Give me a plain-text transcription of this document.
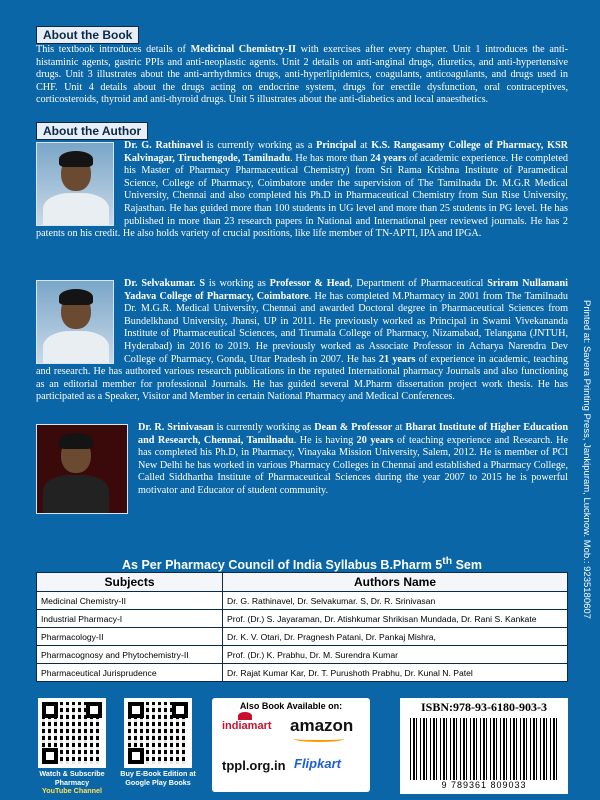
About the Book
This textbook introduces details of Medicinal Chemistry-II with exercises after every chapter. Unit 1 introduces the anti-histaminic agents, gastric PPIs and anti-neoplastic agents. Unit 2 details on anti-anginal drugs, diuretics, and anti-hypertensive drugs. Unit 3 illustrates about the anti-arrhythmics drugs, anti-hyperlipidemics, coagulants, anticoagulants, and drugs used in CHF. Unit 4 details about the drugs acting on endocrine system, drugs for erectile dysfunction, oral contraceptives, corticosteroids, thyroid and anti-thyroid drugs. Unit 5 illustrates about the anti-diabetics and local anaesthetics.
About the Author
Dr. G. Rathinavel is currently working as a Principal at K.S. Rangasamy College of Pharmacy, KSR Kalvinagar, Tiruchengode, Tamilnadu. He has more than 24 years of academic experience. He completed his Master of Pharmacy Pharmaceutical Chemistry) from Sri Rama Krishna Institute of Paramedical Science, College of Pharmacy, Coimbatore under the supervision of The Tamilnadu Dr. M.G.R Medical University, Chennai and also completed his Ph.D in Pharmaceutical Chemistry from Sun Rise University, Rajasthan. He has guided more than 100 students in UG level and more than 25 students in PG level. He has published in more than 23 research papers in National and International peer reviewed journals. He has 2 patents on his credit. He also holds variety of crucial positions, like life member of TN-APTI, IPA and IPGA.
Dr. Selvakumar. S is working as Professor & Head, Department of Pharmaceutical Sriram Nullamani Yadava College of Pharmacy, Coimbatore. He has completed M.Pharmacy in 2001 from The Tamilnadu Dr. M.G.R. Medical University, Chennai and awarded Doctoral degree in Pharmaceutical Sciences from Bundelkhand University, Jhansi, UP in 2011. He previously worked as Principal in Swami Vivekananda Institute of Pharmaceutical Sciences, and Tirumala College of Pharmacy, Nizamabad, Telangana (JNTUH, Hyderabad) in 2016 to 2019. He previously worked as Associate Professor in Acharya Narendra Dev College of Pharmacy, Gonda, Uttar Pradesh in 2007. He has 21 years of experience in academic, teaching and research. He has authored various research publications in the reputed International pharmacy Journals and also functioning as an editorial member for professional Journals. He has guided several M.Pharm dissertation project work thesis. He has participated as a Speaker, Visitor and Member in certain National Pharmacy and Medical Conferences.
Dr. R. Srinivasan is currently working as Dean & Professor at Bharat Institute of Higher Education and Research, Chennai, Tamilnadu. He is having 20 years of teaching experience and Research. He has completed his Ph.D, in Pharmacy, Vinayaka Mission University, Salem, 2012. He is member of PCI New Delhi he has worked in various Pharmacy Colleges in Chennai and established a Pharmacy College, Called Siddhartha Institute of Pharmaceutical Sciences during the year 2007 to 2015 he is powerful motivator and Educator of student community.
As Per Pharmacy Council of India Syllabus B.Pharm 5th Sem
Subjects	Authors Name
Medicinal Chemistry-II	Dr. G. Rathinavel, Dr. Selvakumar. S, Dr. R. Srinivasan
Industrial Pharmacy-I	Prof. (Dr.) S. Jayaraman, Dr. Atishkumar Shrikisan Mundada, Dr. Rani S. Kankate
Pharmacology-II	Dr. K. V. Otari, Dr. Pragnesh Patani, Dr. Pankaj Mishra,
Pharmacognosy and Phytochemistry-II	Prof. (Dr.) K. Prabhu, Dr. M. Surendra Kumar
Pharmaceutical Jurisprudence	Dr. Rajat Kumar Kar, Dr. T. Purushoth Prabhu, Dr. Kunal N. Patel
Watch & Subscribe
Pharmacy
YouTube Channel
Buy E-Book Edition at
Google Play Books
Also Book Available on:
indiamart amazon
tppl.org.in Flipkart
ISBN:978-93-6180-903-3
9 789361 809033
Printed at: Savera Printing Press, Jankipuram, Lucknow. Mob.: 9235180607
